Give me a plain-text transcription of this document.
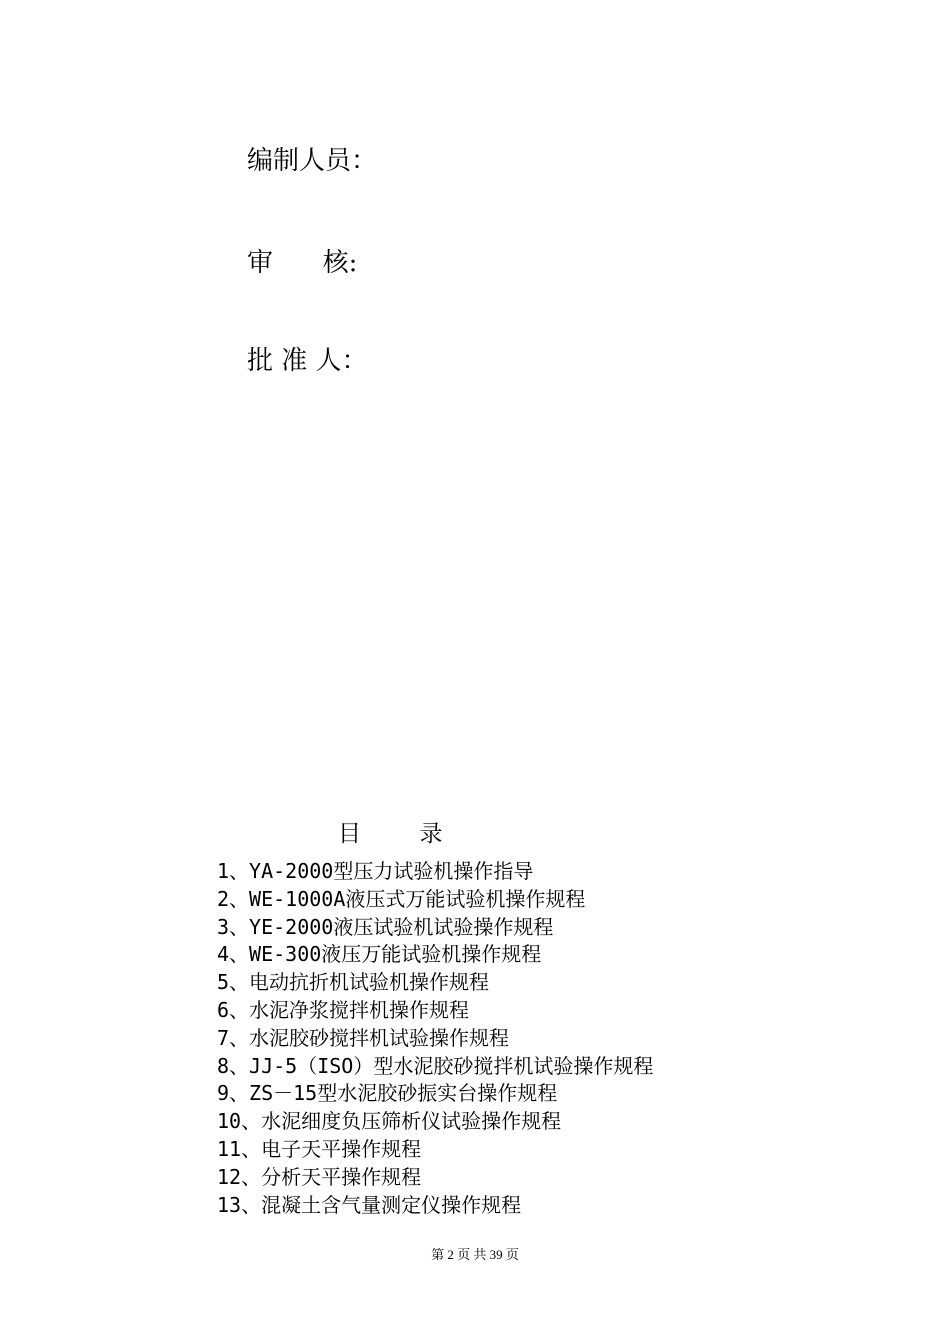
编制人员：
审      核:
批 准 人：
目        录
1、YA-2000型压力试验机操作指导
2、WE-1000A液压式万能试验机操作规程
3、YE-2000液压试验机试验操作规程
4、WE-300液压万能试验机操作规程
5、电动抗折机试验机操作规程
6、水泥净浆搅拌机操作规程
7、水泥胶砂搅拌机试验操作规程
8、JJ-5（ISO）型水泥胶砂搅拌机试验操作规程
9、ZS－15型水泥胶砂振实台操作规程
10、水泥细度负压筛析仪试验操作规程
11、电子天平操作规程
12、分析天平操作规程
13、混凝土含气量测定仪操作规程
第 2 页 共 39 页
